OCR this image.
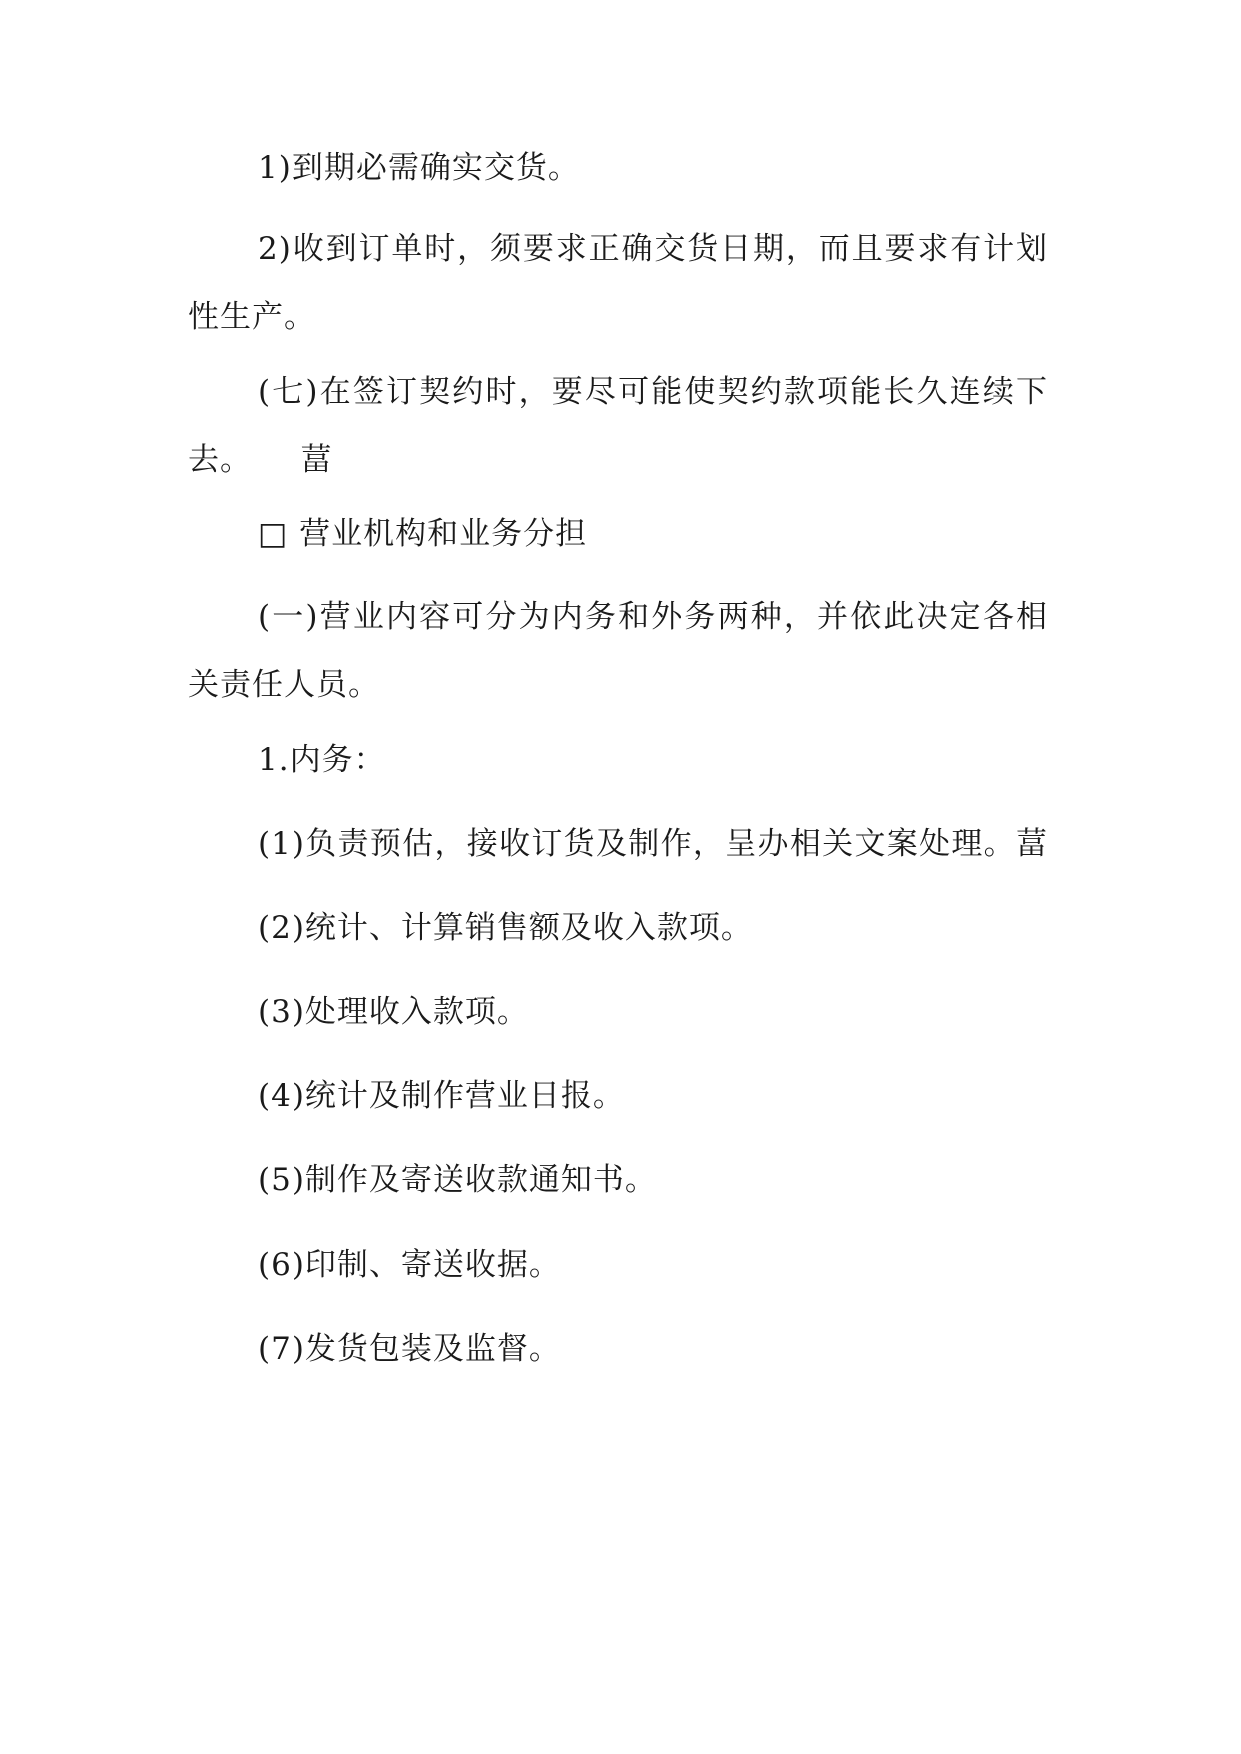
1)到期必需确实交货。
2)收到订单时，须要求正确交货日期，而且要求有计划
性生产。
(七)在签订契约时，要尽可能使契约款项能长久连续下
去。　　葍
□ 营业机构和业务分担
(一)营业内容可分为内务和外务两种，并依此决定各相
关责任人员。
1.内务：
(1)负责预估，接收订货及制作，呈办相关文案处理。葍
(2)统计、计算销售额及收入款项。
(3)处理收入款项。
(4)统计及制作营业日报。
(5)制作及寄送收款通知书。
(6)印制、寄送收据。
(7)发货包装及监督。
